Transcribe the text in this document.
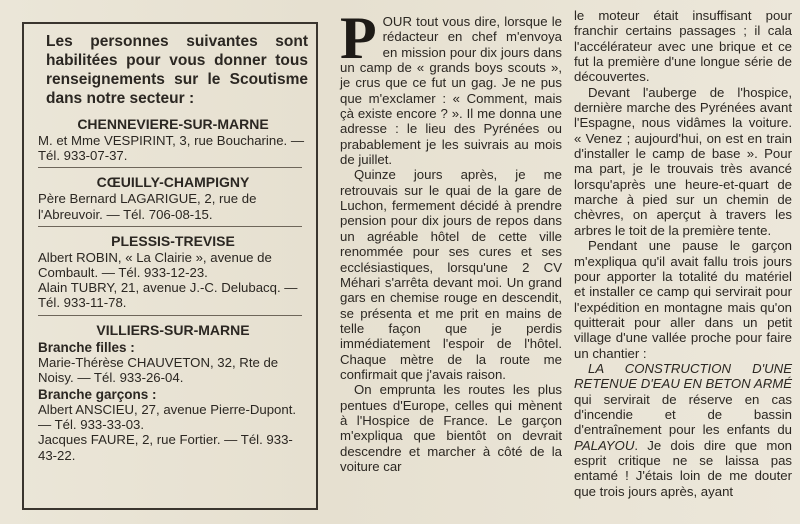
Les personnes suivantes sont habilitées pour vous donner tous renseignements sur le Scoutisme dans notre secteur :

CHENNEVIERE-SUR-MARNE

M. et Mme VESPIRINT, 3, rue Boucharine. — Tél. 933-07-37.

CŒUILLY-CHAMPIGNY

Père Bernard LAGARIGUE, 2, rue de l'Abreuvoir. — Tél. 706-08-15.

PLESSIS-TREVISE

Albert ROBIN, « La Clairie », avenue de Combault. — Tél. 933-12-23.

Alain TUBRY, 21, avenue J.-C. Delubacq. — Tél. 933-11-78.

VILLIERS-SUR-MARNE
Branche filles :

Marie-Thérèse CHAUVETON, 32, Rte de Noisy. — Tél. 933-26-04.

Branche garçons :

Albert ANSCIEU, 27, avenue Pierre-Dupont. — Tél. 933-33-03.

Jacques FAURE, 2, rue Fortier. — Tél. 933-43-22.

POUR tout vous dire, lorsque le rédacteur en chef m'envoya en mission pour dix jours dans un camp de « grands boys scouts », je crus que ce fut un gag. Je ne pus que m'exclamer : « Comment, mais çà existe encore ? ». Il me donna une adresse : le lieu des Pyrénées ou prabablement je les suivrais au mois de juillet.

Quinze jours après, je me retrouvais sur le quai de la gare de Luchon, fermement décidé à prendre pension pour dix jours de repos dans un agréable hôtel de cette ville renommée pour ses cures et ses ecclésiastiques, lorsqu'une 2 CV Méhari s'arrêta devant moi. Un grand gars en chemise rouge en descendit, se présenta et me prit en mains de telle façon que je perdis immédiatement l'espoir de l'hôtel. Chaque mètre de la route me confirmait que j'avais raison.

On emprunta les routes les plus pentues d'Europe, celles qui mènent à l'Hospice de France. Le garçon m'expliqua que bientôt on devrait descendre et marcher à côté de la voiture car

le moteur était insuffisant pour franchir certains passages ; il cala l'accélérateur avec une brique et ce fut la première d'une longue série de découvertes.

Devant l'auberge de l'hospice, dernière marche des Pyrénées avant l'Espagne, nous vidâmes la voiture. « Venez ; aujourd'hui, on est en train d'installer le camp de base ». Pour ma part, je le trouvais très avancé lorsqu'après une heure-et-quart de marche à pied sur un chemin de chèvres, on aperçut à travers les arbres le toit de la première tente.

Pendant une pause le garçon m'expliqua qu'il avait fallu trois jours pour apporter la totalité du matériel et installer ce camp qui servirait pour l'expédition en montagne mais qu'on quitterait pour aller dans un petit village d'une vallée proche pour faire un chantier :

LA CONSTRUCTION D'UNE RETENUE D'EAU EN BETON ARMÉ qui servirait de réserve en cas d'incendie et de bassin d'entraînement pour les enfants du PALAYOU. Je dois dire que mon esprit critique ne se laissa pas entamé ! J'étais loin de me douter que trois jours après, ayant
